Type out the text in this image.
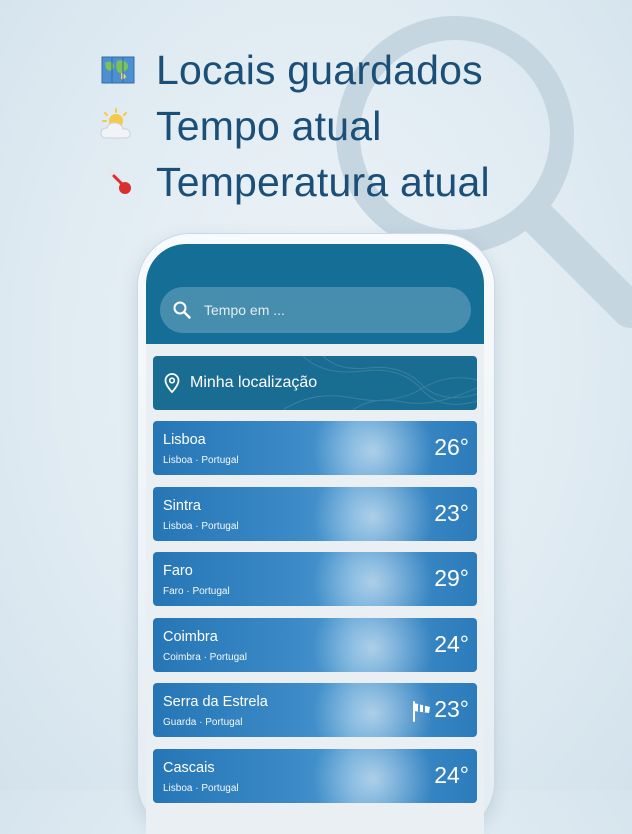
Locais guardados
Tempo atual
Temperatura atual
Tempo em ...
Minha localização
Lisboa
Lisboa · Portugal
26°
Sintra
Lisboa · Portugal
23°
Faro
Faro · Portugal
29°
Coimbra
Coimbra · Portugal
24°
Serra da Estrela
Guarda · Portugal
23°
Cascais
Lisboa · Portugal
24°
